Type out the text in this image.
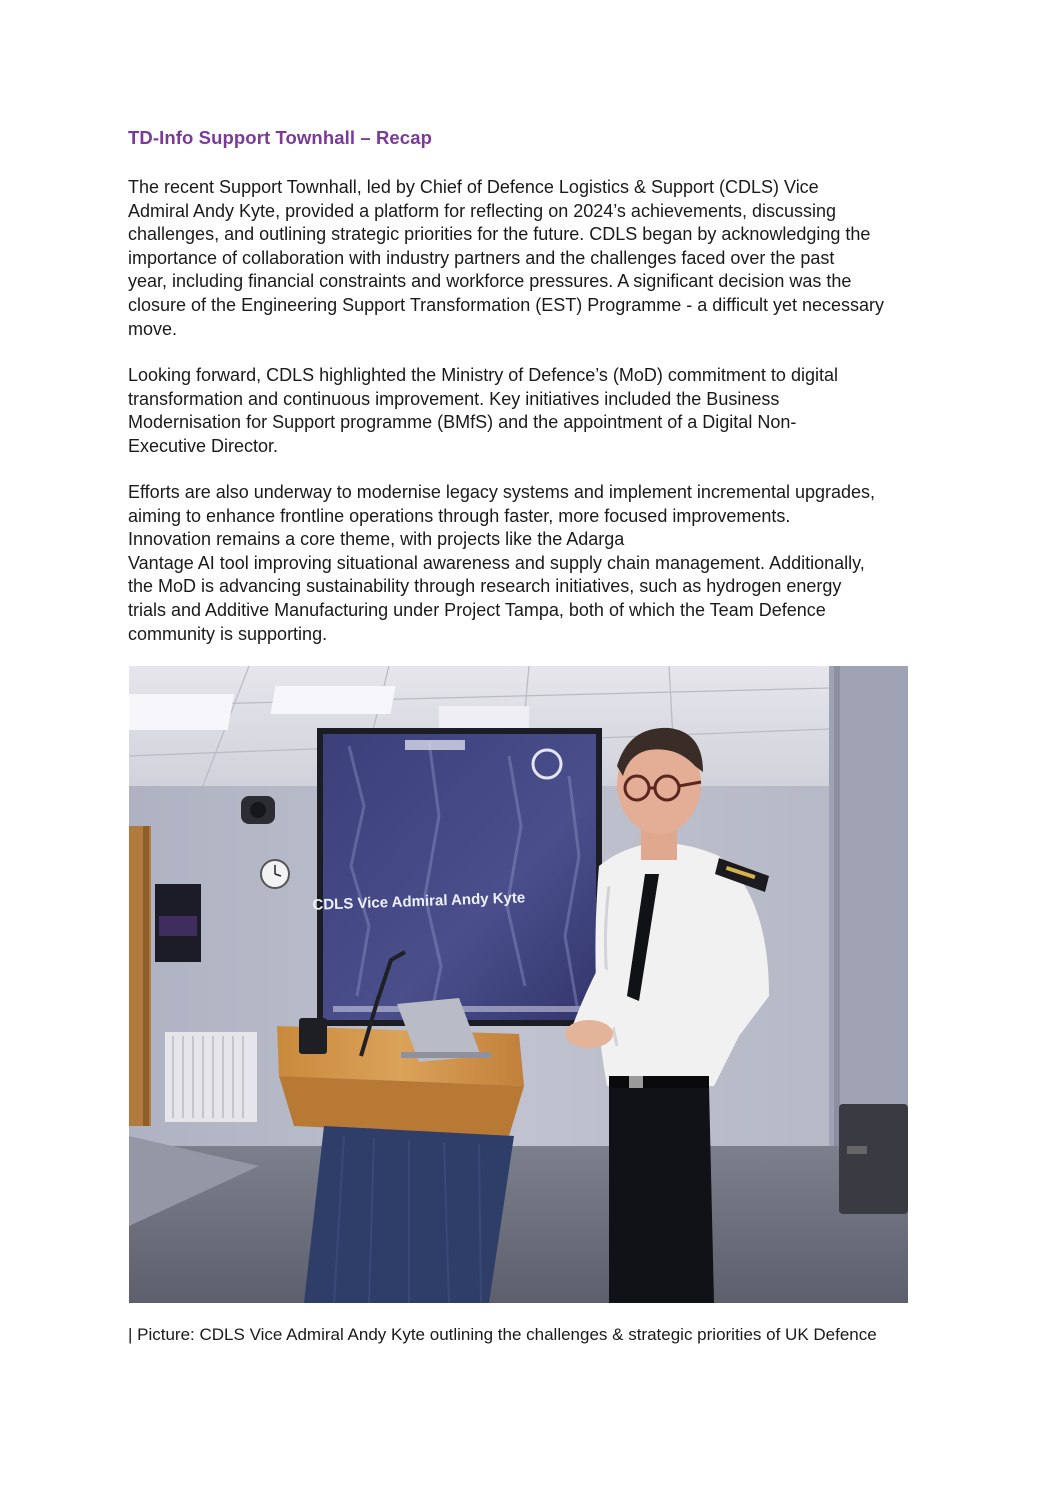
TD-Info Support Townhall – Recap
The recent Support Townhall, led by Chief of Defence Logistics & Support (CDLS) Vice
Admiral Andy Kyte, provided a platform for reflecting on 2024’s achievements, discussing
challenges, and outlining strategic priorities for the future. CDLS began by acknowledging the
importance of collaboration with industry partners and the challenges faced over the past
year, including financial constraints and workforce pressures. A significant decision was the
closure of the Engineering Support Transformation (EST) Programme - a difficult yet necessary
move.
Looking forward, CDLS highlighted the Ministry of Defence’s (MoD) commitment to digital
transformation and continuous improvement. Key initiatives included the Business
Modernisation for Support programme (BMfS) and the appointment of a Digital Non-
Executive Director.
Efforts are also underway to modernise legacy systems and implement incremental upgrades,
aiming to enhance frontline operations through faster, more focused improvements.
Innovation remains a core theme, with projects like the Adarga
Vantage AI tool improving situational awareness and supply chain management. Additionally,
the MoD is advancing sustainability through research initiatives, such as hydrogen energy
trials and Additive Manufacturing under Project Tampa, both of which the Team Defence
community is supporting.
CDLS Vice Admiral Andy Kyte
| Picture: CDLS Vice Admiral Andy Kyte outlining the challenges & strategic priorities of UK Defence
